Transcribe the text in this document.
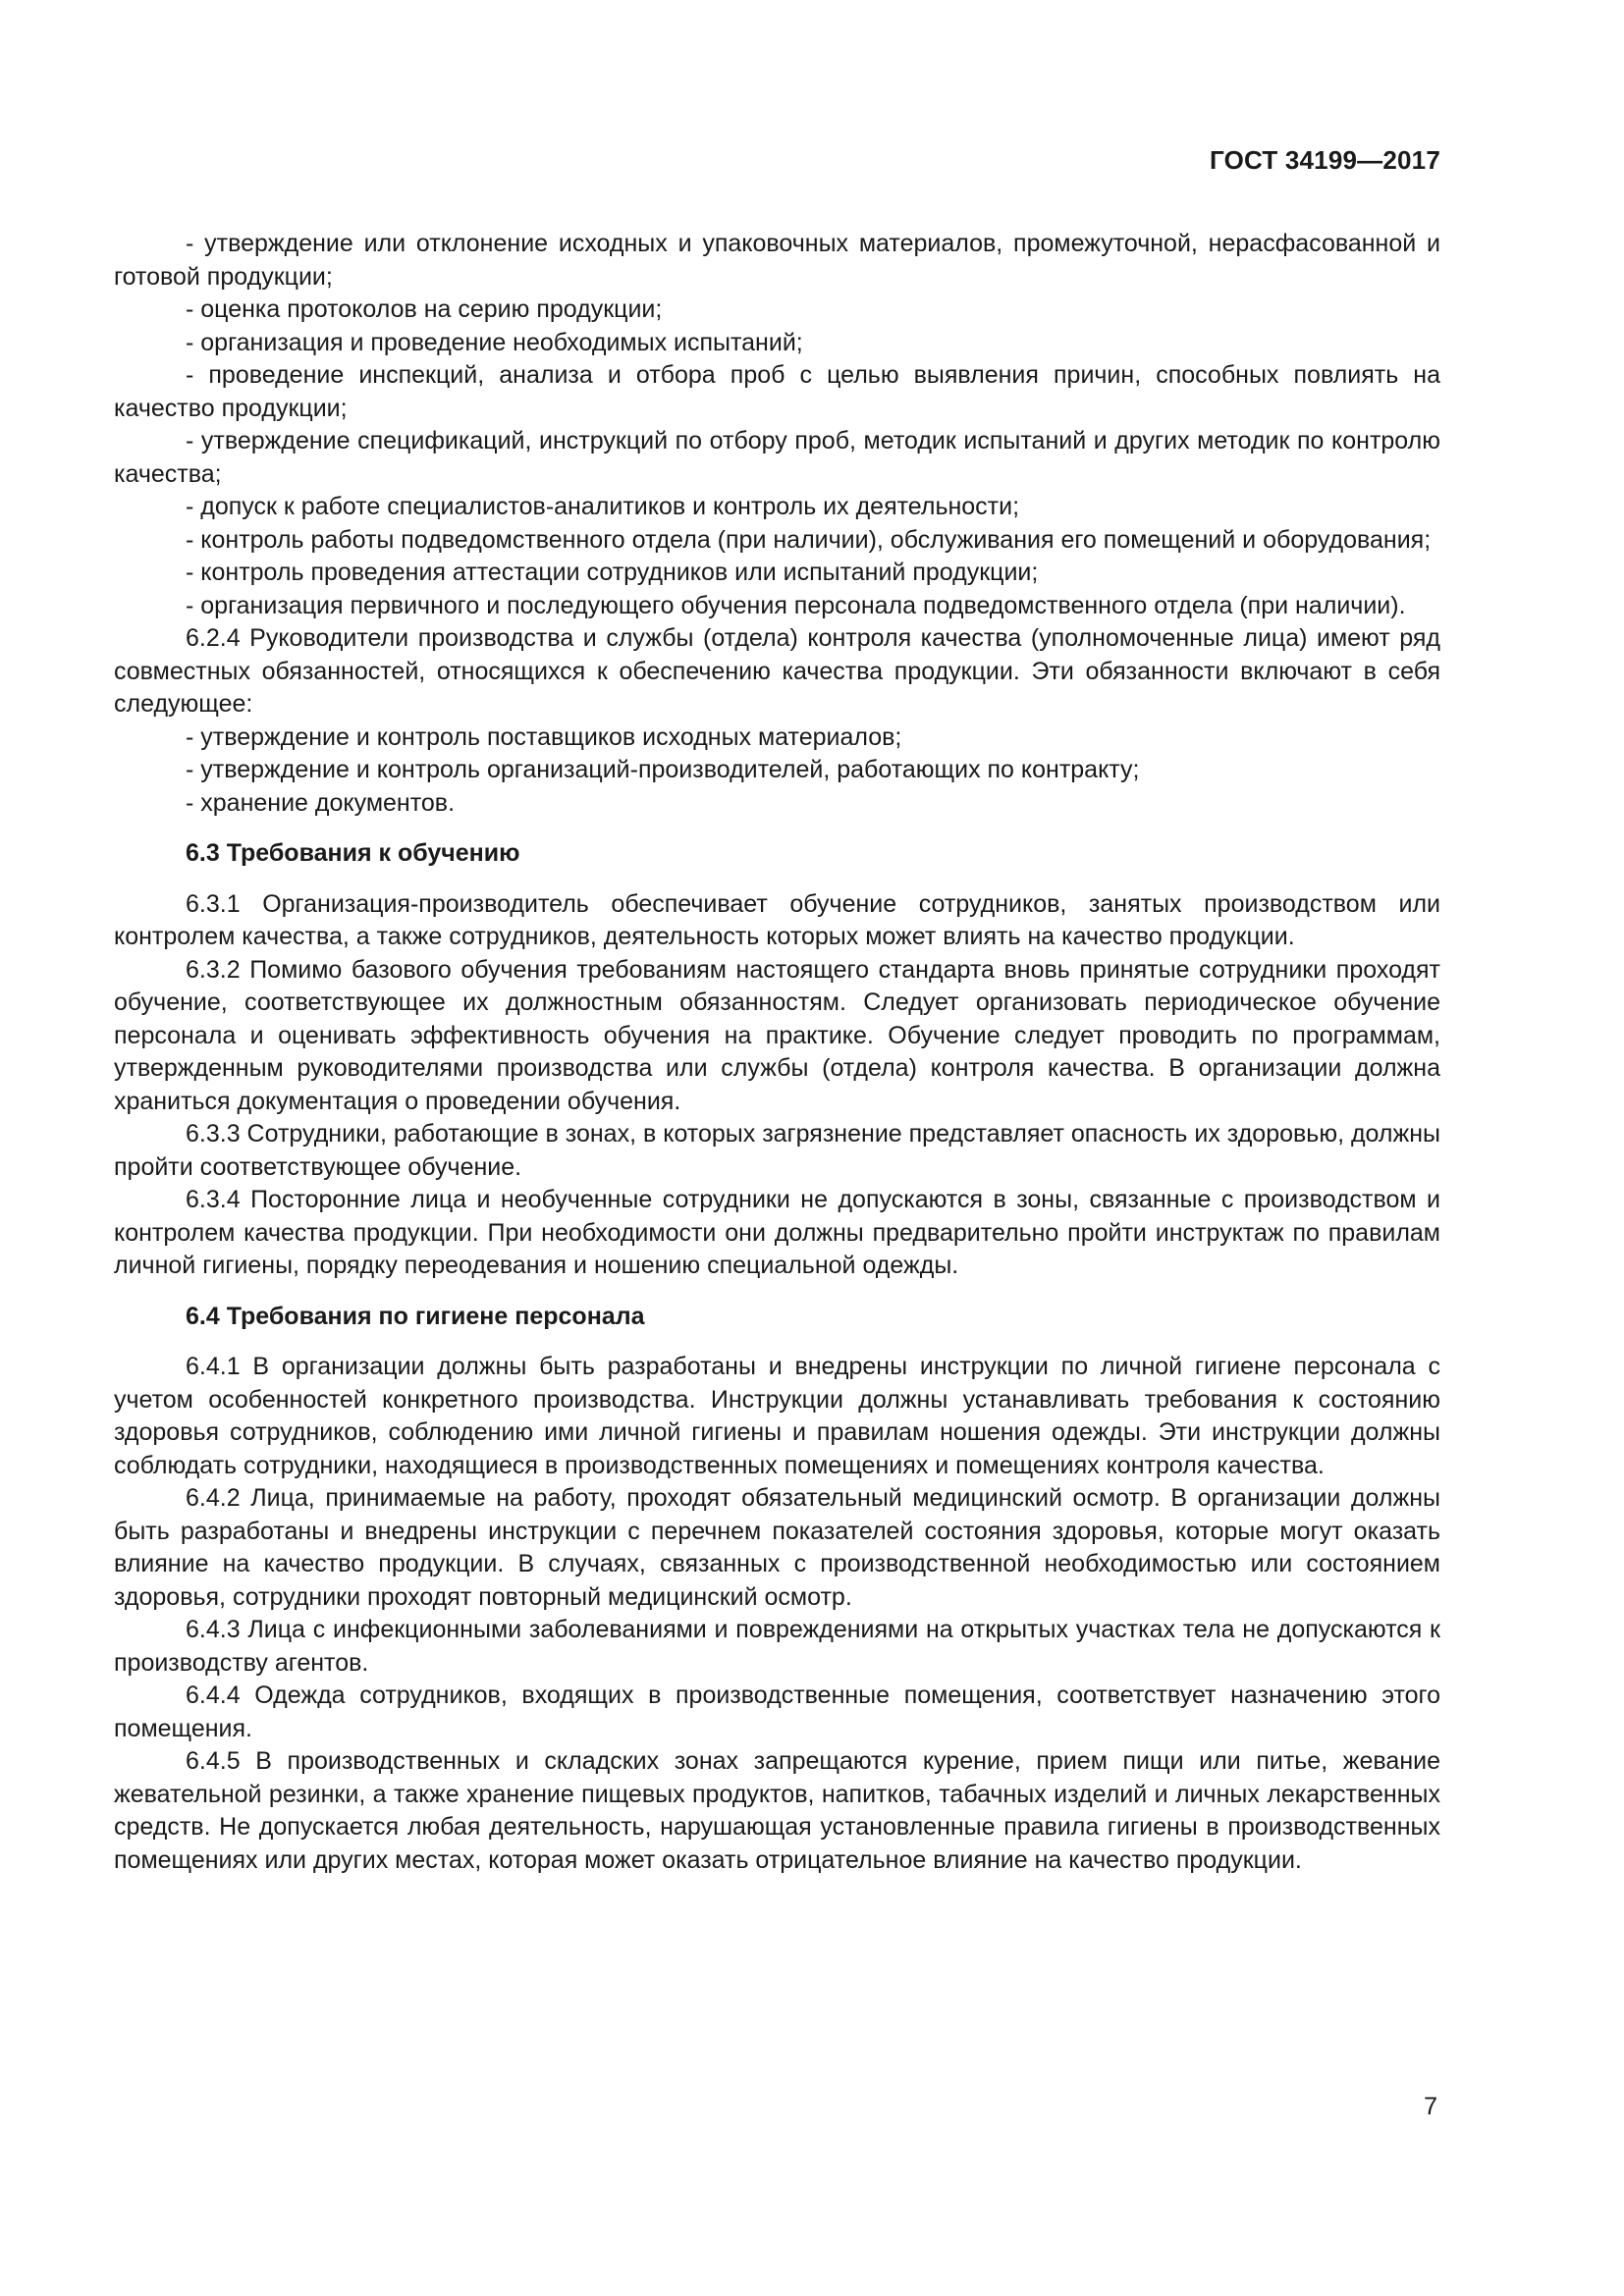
ГОСТ 34199—2017

- утверждение или отклонение исходных и упаковочных материалов, промежуточной, нерасфасованной и готовой продукции;

- оценка протоколов на серию продукции;

- организация и проведение необходимых испытаний;

- проведение инспекций, анализа и отбора проб с целью выявления причин, способных повлиять на качество продукции;

- утверждение спецификаций, инструкций по отбору проб, методик испытаний и других методик по контролю качества;

- допуск к работе специалистов-аналитиков и контроль их деятельности;

- контроль работы подведомственного отдела (при наличии), обслуживания его помещений и оборудования;

- контроль проведения аттестации сотрудников или испытаний продукции;

- организация первичного и последующего обучения персонала подведомственного отдела (при наличии).

6.2.4 Руководители производства и службы (отдела) контроля качества (уполномоченные лица) имеют ряд совместных обязанностей, относящихся к обеспечению качества продукции. Эти обязанности включают в себя следующее:

- утверждение и контроль поставщиков исходных материалов;

- утверждение и контроль организаций-производителей, работающих по контракту;

- хранение документов.

6.3 Требования к обучению

6.3.1 Организация-производитель обеспечивает обучение сотрудников, занятых производством или контролем качества, а также сотрудников, деятельность которых может влиять на качество продукции.

6.3.2 Помимо базового обучения требованиям настоящего стандарта вновь принятые сотрудники проходят обучение, соответствующее их должностным обязанностям. Следует организовать периодическое обучение персонала и оценивать эффективность обучения на практике. Обучение следует проводить по программам, утвержденным руководителями производства или службы (отдела) контроля качества. В организации должна храниться документация о проведении обучения.

6.3.3 Сотрудники, работающие в зонах, в которых загрязнение представляет опасность их здоровью, должны пройти соответствующее обучение.

6.3.4 Посторонние лица и необученные сотрудники не допускаются в зоны, связанные с производством и контролем качества продукции. При необходимости они должны предварительно пройти инструктаж по правилам личной гигиены, порядку переодевания и ношению специальной одежды.

6.4 Требования по гигиене персонала

6.4.1 В организации должны быть разработаны и внедрены инструкции по личной гигиене персонала с учетом особенностей конкретного производства. Инструкции должны устанавливать требования к состоянию здоровья сотрудников, соблюдению ими личной гигиены и правилам ношения одежды. Эти инструкции должны соблюдать сотрудники, находящиеся в производственных помещениях и помещениях контроля качества.

6.4.2 Лица, принимаемые на работу, проходят обязательный медицинский осмотр. В организации должны быть разработаны и внедрены инструкции с перечнем показателей состояния здоровья, которые могут оказать влияние на качество продукции. В случаях, связанных с производственной необходимостью или состоянием здоровья, сотрудники проходят повторный медицинский осмотр.

6.4.3 Лица с инфекционными заболеваниями и повреждениями на открытых участках тела не допускаются к производству агентов.

6.4.4 Одежда сотрудников, входящих в производственные помещения, соответствует назначению этого помещения.

6.4.5 В производственных и складских зонах запрещаются курение, прием пищи или питье, жевание жевательной резинки, а также хранение пищевых продуктов, напитков, табачных изделий и личных лекарственных средств. Не допускается любая деятельность, нарушающая установленные правила гигиены в производственных помещениях или других местах, которая может оказать отрицательное влияние на качество продукции.

7
